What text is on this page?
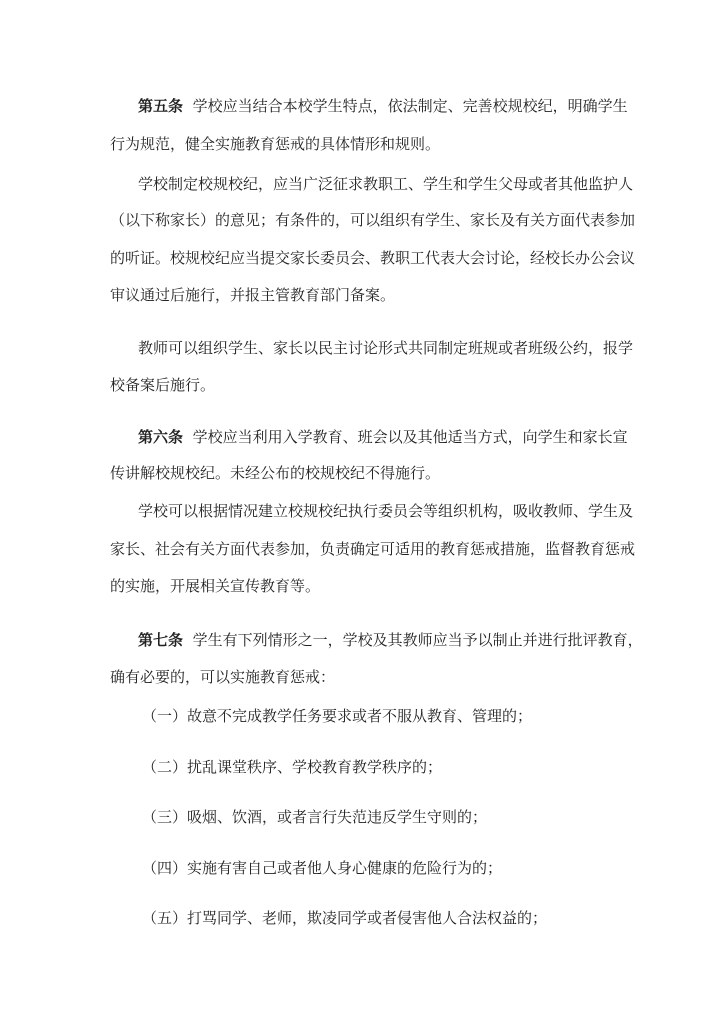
第五条 学校应当结合本校学生特点，依法制定、完善校规校纪，明确学生
行为规范，健全实施教育惩戒的具体情形和规则。
学校制定校规校纪，应当广泛征求教职工、学生和学生父母或者其他监护人
（以下称家长）的意见；有条件的，可以组织有学生、家长及有关方面代表参加
的听证。校规校纪应当提交家长委员会、教职工代表大会讨论，经校长办公会议
审议通过后施行，并报主管教育部门备案。
教师可以组织学生、家长以民主讨论形式共同制定班规或者班级公约，报学
校备案后施行。
第六条 学校应当利用入学教育、班会以及其他适当方式，向学生和家长宣
传讲解校规校纪。未经公布的校规校纪不得施行。
学校可以根据情况建立校规校纪执行委员会等组织机构，吸收教师、学生及
家长、社会有关方面代表参加，负责确定可适用的教育惩戒措施，监督教育惩戒
的实施，开展相关宣传教育等。
第七条 学生有下列情形之一，学校及其教师应当予以制止并进行批评教育，
确有必要的，可以实施教育惩戒：
（一）故意不完成教学任务要求或者不服从教育、管理的；
（二）扰乱课堂秩序、学校教育教学秩序的；
（三）吸烟、饮酒，或者言行失范违反学生守则的；
（四）实施有害自己或者他人身心健康的危险行为的；
（五）打骂同学、老师，欺凌同学或者侵害他人合法权益的；
